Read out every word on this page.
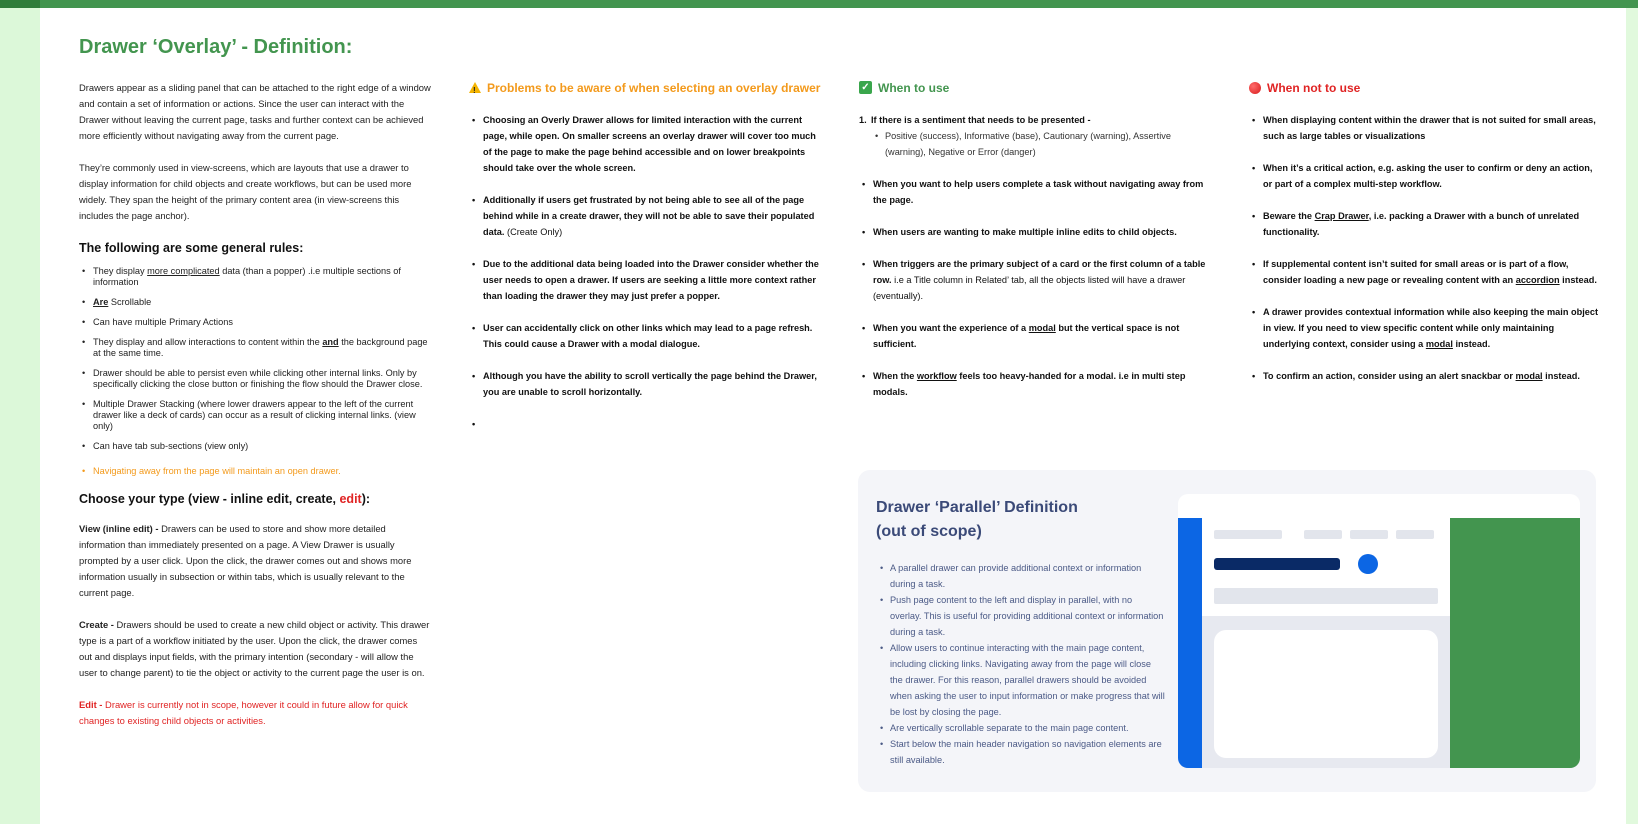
Drawer ‘Overlay’ - Definition:

Drawers appear as a sliding panel that can be attached to the right edge of a window and contain a set of information or actions. Since the user can interact with the Drawer without leaving the current page, tasks and further context can be achieved more efficiently without navigating away from the current page.

They’re commonly used in view-screens, which are layouts that use a drawer to display information for child objects and create workflows, but can be used more widely. They span the height of the primary content area (in view-screens this includes the page anchor).

The following are some general rules:
• They display more complicated data (than a popper) .i.e multiple sections of information
• Are Scrollable
• Can have multiple Primary Actions
• They display and allow interactions to content within the and the background page at the same time.
• Drawer should be able to persist even while clicking other internal links. Only by specifically clicking the close button or finishing the flow should the Drawer close.
• Multiple Drawer Stacking (where lower drawers appear to the left of the current drawer like a deck of cards) can occur as a result of clicking internal links. (view only)
• Can have tab sub-sections (view only)
• Navigating away from the page will maintain an open drawer.
Choose your type (view - inline edit, create, edit):

View (inline edit) - Drawers can be used to store and show more detailed information than immediately presented on a page. A View Drawer is usually prompted by a user click. Upon the click, the drawer comes out and shows more information usually in subsection or within tabs, which is usually relevant to the current page.

Create - Drawers should be used to create a new child object or activity. This drawer type is a part of a workflow initiated by the user. Upon the click, the drawer comes out and displays input fields, with the primary intention (secondary - will allow the user to change parent) to tie the object or activity to the current page the user is on.

Edit - Drawer is currently not in scope, however it could in future allow for quick changes to existing child objects or activities.

!
Problems to be aware of when selecting an overlay drawer
• Choosing an Overly Drawer allows for limited interaction with the current page, while open. On smaller screens an overlay drawer will cover too much of the page to make the page behind accessible and on lower breakpoints should take over the whole screen.
• Additionally if users get frustrated by not being able to see all of the page behind while in a create drawer, they will not be able to save their populated data. (Create Only)
• Due to the additional data being loaded into the Drawer consider whether the user needs to open a drawer. If users are seeking a little more context rather than loading the drawer they may just prefer a popper.
• User can accidentally click on other links which may lead to a page refresh. This could cause a Drawer with a modal dialogue.
• Although you have the ability to scroll vertically the page behind the Drawer, you are unable to scroll horizontally.
✓ When to use
1. If there is a sentiment that needs to be presented -
• Positive (success), Informative (base), Cautionary (warning), Assertive (warning), Negative or Error (danger)
• When you want to help users complete a task without navigating away from the page.
• When users are wanting to make multiple inline edits to child objects.
• When triggers are the primary subject of a card or the first column of a table row. i.e a Title column in Related’ tab, all the objects listed will have a drawer (eventually).
• When you want the experience of a modal but the vertical space is not sufficient.
• When the workflow feels too heavy-handed for a modal. i.e in multi step modals.
When not to use
• When displaying content within the drawer that is not suited for small areas, such as large tables or visualizations
• When it’s a critical action, e.g. asking the user to confirm or deny an action, or part of a complex multi-step workflow.
• Beware the Crap Drawer, i.e. packing a Drawer with a bunch of unrelated functionality.
• If supplemental content isn’t suited for small areas or is part of a flow, consider loading a new page or revealing content with an accordion instead.
• A drawer provides contextual information while also keeping the main object in view. If you need to view specific content while only maintaining underlying context, consider using a modal instead.
• To confirm an action, consider using an alert snackbar or modal instead.
Drawer ‘Parallel’ Definition
(out of scope)
• A parallel drawer can provide additional context or information during a task.
• Push page content to the left and display in parallel, with no overlay. This is useful for providing additional context or information during a task.
• Allow users to continue interacting with the main page content, including clicking links. Navigating away from the page will close the drawer. For this reason, parallel drawers should be avoided when asking the user to input information or make progress that will be lost by closing the page.
• Are vertically scrollable separate to the main page content.
• Start below the main header navigation so navigation elements are still available.
